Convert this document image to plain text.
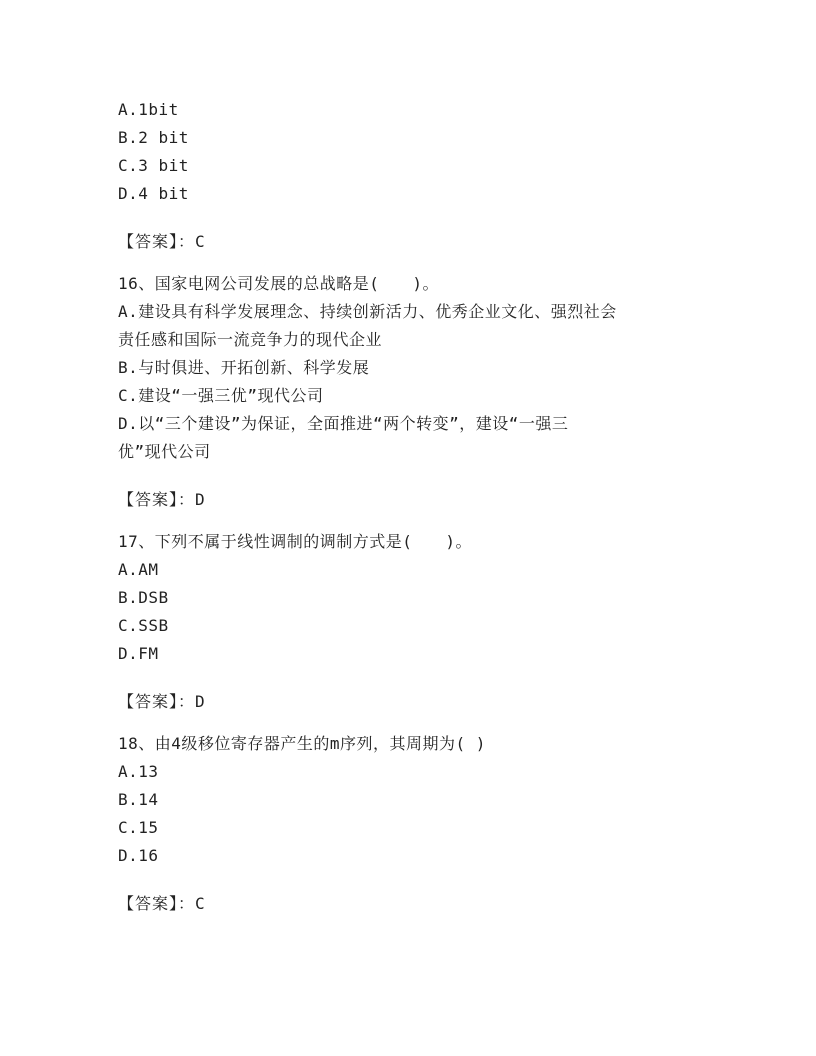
A.1bit
B.2 bit
C.3 bit
D.4 bit
【答案】：C
16、国家电网公司发展的总战略是(　　)。
A.建设具有科学发展理念、持续创新活力、优秀企业文化、强烈社会
责任感和国际一流竞争力的现代企业
B.与时俱进、开拓创新、科学发展
C.建设“一强三优”现代公司
D.以“三个建设”为保证，全面推进“两个转变”，建设“一强三
优”现代公司
【答案】：D
17、下列不属于线性调制的调制方式是(　　)。
A.AM
B.DSB
C.SSB
D.FM
【答案】：D
18、由4级移位寄存器产生的m序列，其周期为( )
A.13
B.14
C.15
D.16
【答案】：C
